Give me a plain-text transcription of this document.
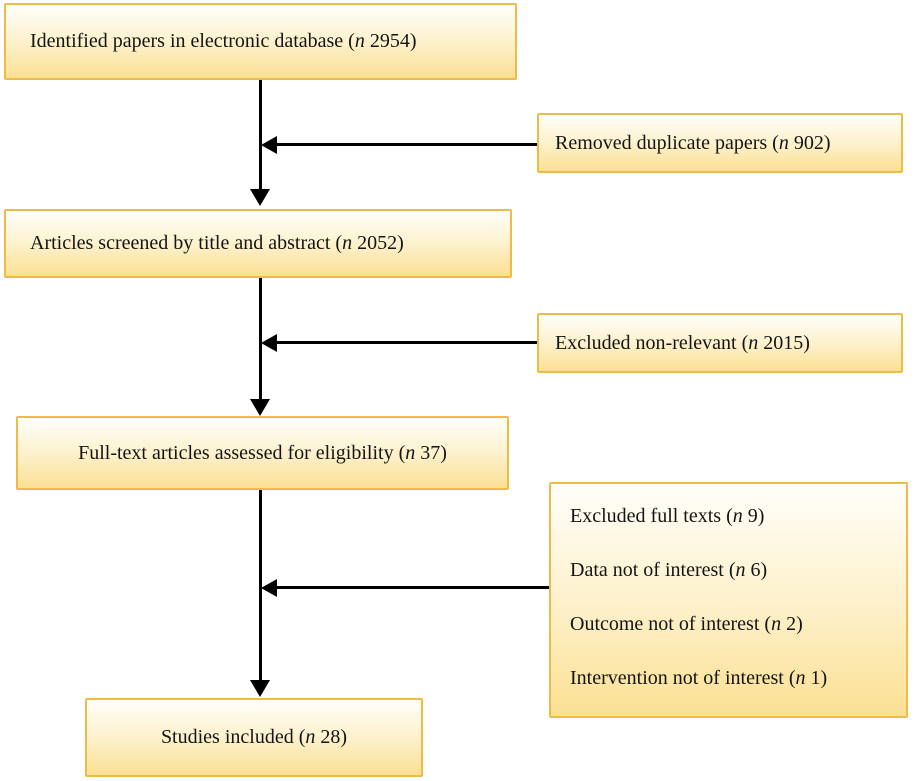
Identified papers in electronic database (n 2954)
Articles screened by title and abstract (n 2052)
Full-text articles assessed for eligibility (n 37)
Studies included (n 28)
Removed duplicate papers (n 902)
Excluded non-relevant (n 2015)
Excluded full texts (n 9)
Data not of interest (n 6)
Outcome not of interest (n 2)
Intervention not of interest (n 1)
